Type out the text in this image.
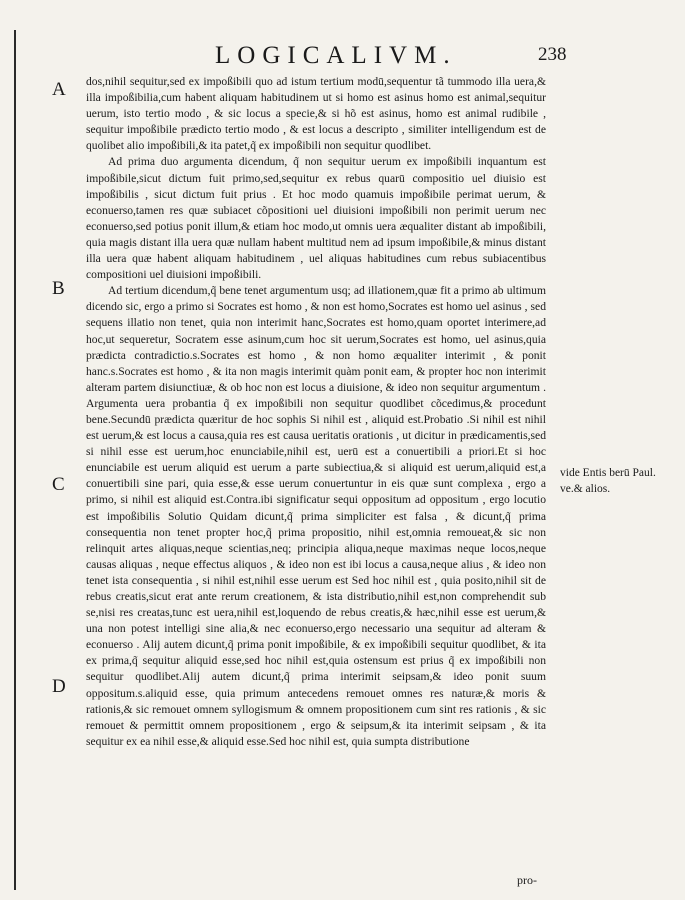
LOGICALIVM.	238
A
B
C
D

dos,nihil sequitur,sed ex impoßibili quo ad istum tertium modū,sequentur tã tummodo illa uera,& illa impoßibilia,cum habent aliquam habitudinem ut si homo est asinus homo est animal,sequitur uerum, isto tertio modo , & sic locus a specie,& si hõ est asinus, homo est animal rudibile , sequitur impoßibile prædicto tertio modo , & est locus a descripto , similiter intelligendum est de quolibet alio impoßibili,& ita patet,q̃ ex impoßibili non sequitur quodlibet.

Ad prima duo argumenta dicendum, q̃ non sequitur uerum ex impoßibili inquantum est impoßibile,sicut dictum fuit primo,sed,sequitur ex rebus quarū compositio uel diuisio est impoßibilis , sicut dictum fuit prius . Et hoc modo quamuis impoßibile perimat uerum, & econuerso,tamen res quæ subiacet cõpositioni uel diuisioni impoßibili non perimit uerum nec econuerso,sed potius ponit illum,& etiam hoc modo,ut omnis uera æqualiter distant ab impoßibili, quia magis distant illa uera quæ nullam habent multitud nem ad ipsum impoßibile,& minus distant illa uera quæ habent aliquam habitudinem , uel aliquas habitudines cum rebus subiacentibus compositioni uel diuisioni impoßibili.

Ad tertium dicendum,q̃ bene tenet argumentum usq; ad illationem,quæ fit a primo ab ultimum dicendo sic, ergo a primo si Socrates est homo , & non est homo,Socrates est homo uel asinus , sed sequens illatio non tenet, quia non interimit hanc,Socrates est homo,quam oportet interimere,ad hoc,ut sequeretur, Socratem esse asinum,cum hoc sit uerum,Socrates est homo, uel asinus,quia prædicta contradictio.s.Socrates est homo , & non homo æqualiter interimit , & ponit hanc.s.Socrates est homo , & ita non magis interimit quàm ponit eam, & propter hoc non interimit alteram partem disiunctiuæ, & ob hoc non est locus a diuisione, & ideo non sequitur argumentum . Argumenta uera probantia q̃ ex impoßibili non sequitur quodlibet cõcedimus,& procedunt bene.Secundū prædicta quæritur de hoc sophis Si nihil est , aliquid est.Probatio .Si nihil est nihil est uerum,& est locus a causa,quia res est causa ueritatis orationis , ut dicitur in prædicamentis,sed si nihil esse est uerum,hoc enunciabile,nihil est, uerū est a conuertibili a priori.Et si hoc enunciabile est uerum aliquid est uerum a parte subiectiua,& si aliquid est uerum,aliquid est,a conuertibili sine pari, quia esse,& esse uerum conuertuntur in eis quæ sunt complexa , ergo a primo, si nihil est aliquid est.Contra.ibi significatur sequi oppositum ad oppositum , ergo locutio est impoßibilis Solutio Quidam dicunt,q̃ prima simpliciter est falsa , & dicunt,q̃ prima consequentia non tenet propter hoc,q̃ prima propositio, nihil est,omnia remoueat,& sic non relinquit artes aliquas,neque scientias,neq; principia aliqua,neque maximas neque locos,neque causas aliquas , neque effectus aliquos , & ideo non est ibi locus a causa,neque alius , & ideo non tenet ista consequentia , si nihil est,nihil esse uerum est Sed hoc nihil est , quia posito,nihil sit de rebus creatis,sicut erat ante rerum creationem, & ista distributio,nihil est,non comprehendit sub se,nisi res creatas,tunc est uera,nihil est,loquendo de rebus creatis,& hæc,nihil esse est uerum,& una non potest intelligi sine alia,& nec econuerso,ergo necessario una sequitur ad alteram & econuerso . Alij autem dicunt,q̃ prima ponit impoßibile, & ex impoßibili sequitur quodlibet, & ita ex prima,q̃ sequitur aliquid esse,sed hoc nihil est,quia ostensum est prius q̃ ex impoßibili non sequitur quodlibet.Alij autem dicunt,q̃ prima interimit seipsam,& ideo ponit suum oppositum.s.aliquid esse, quia primum antecedens remouet omnes res naturæ,& moris & rationis,& sic remouet omnem syllogismum & omnem propositionem cum sint res rationis , & sic remouet & permittit omnem propositionem , ergo & seipsum,& ita interimit seipsam , & ita sequitur ex ea nihil esse,& aliquid esse.Sed hoc nihil est, quia sumpta distributione

vide Entis berū Paul. ve.& alios.
pro-
